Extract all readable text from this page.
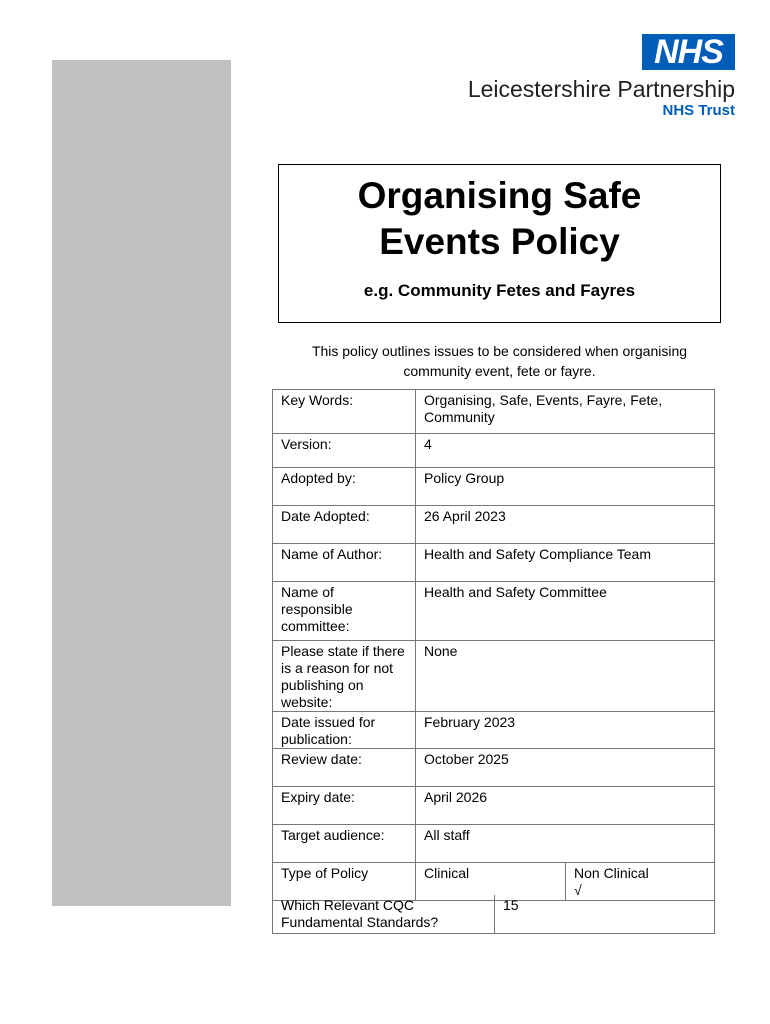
NHS
Leicestershire Partnership
NHS Trust
Organising Safe Events Policy
e.g. Community Fetes and Fayres
This policy outlines issues to be considered when organising community event, fete or fayre.
Key Words:	Organising, Safe, Events, Fayre, Fete, Community	
Version:	4	
Adopted by:	Policy Group	
Date Adopted:	26 April 2023	
Name of Author:	Health and Safety Compliance Team	
Name of responsible committee:	Health and Safety Committee	
Please state if there is a reason for not publishing on website:	None	
Date issued for publication:	February 2023	
Review date:	October 2025	
Expiry date:	April 2026	
Target audience:	All staff	
Type of Policy	Clinical	Non Clinical
√
Which Relevant CQC Fundamental Standards?	15
